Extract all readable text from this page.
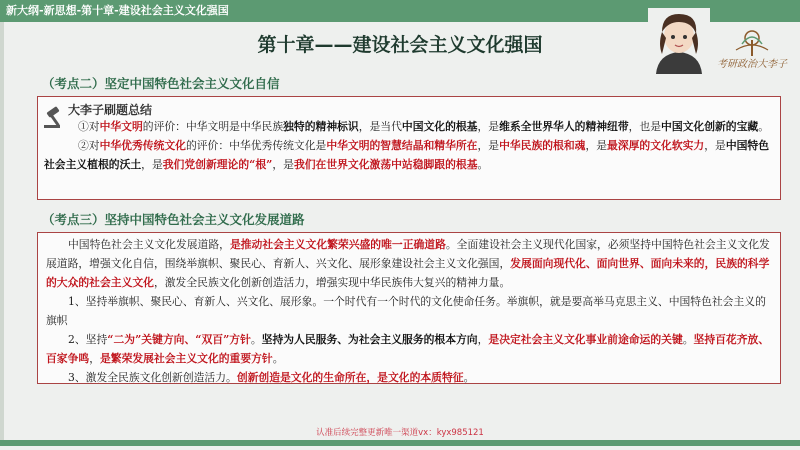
新大纲-新思想-第十章-建设社会主义文化强国
第十章——建设社会主义文化强国
考研政治大李子
（考点二）坚定中国特色社会主义文化自信
大李子刷题总结
①对中华文明的评价：中华文明是中华民族独特的精神标识，是当代中国文化的根基，是维系全世界华人的精神纽带，也是中国文化创新的宝藏。
②对中华优秀传统文化的评价：中华优秀传统文化是中华文明的智慧结晶和精华所在，是中华民族的根和魂，是最深厚的文化软实力，是中国特色社会主义植根的沃土，是我们党创新理论的“根”，是我们在世界文化激荡中站稳脚跟的根基。
（考点三）坚持中国特色社会主义文化发展道路

中国特色社会主义文化发展道路，是推动社会主义文化繁荣兴盛的唯一正确道路。全面建设社会主义现代化国家，必须坚持中国特色社会主义文化发展道路，增强文化自信，围绕举旗帜、聚民心、育新人、兴文化、展形象建设社会主义文化强国，发展面向现代化、面向世界、面向未来的，民族的科学的大众的社会主义文化，激发全民族文化创新创造活力，增强实现中华民族伟大复兴的精神力量。

1、坚持举旗帜、聚民心、育新人、兴文化、展形象。一个时代有一个时代的文化使命任务。举旗帜，就是要高举马克思主义、中国特色社会主义的旗帜

2、坚持“二为”关键方向、“双百”方针。坚持为人民服务、为社会主义服务的根本方向，是决定社会主义文化事业前途命运的关键。坚持百花齐放、百家争鸣，是繁荣发展社会主义文化的重要方针。

3、激发全民族文化创新创造活力。创新创造是文化的生命所在，是文化的本质特征。

认准后续完整更新唯一渠道vx：kyx985121
